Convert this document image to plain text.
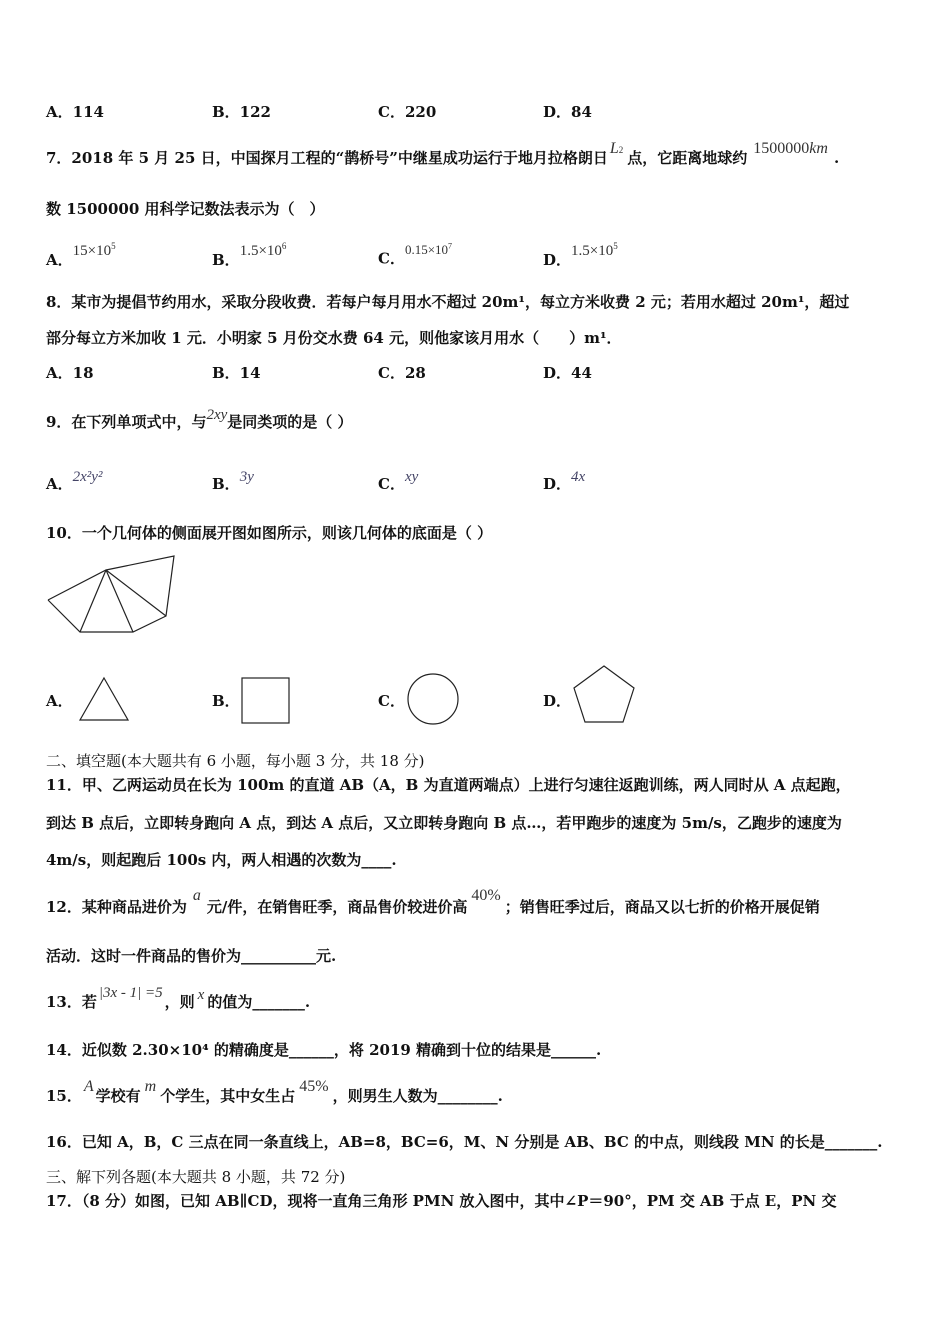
A．114	B．122	C．220	D．84
7．2018 年 5 月 25 日，中国探月工程的“鹊桥号”中继星成功运行于地月拉格朗日L2 点，它距离地球约1500000km.
数 1500000 用科学记数法表示为（　）
A．$15\times 10^5$
B．$1.5\times 10^6$
C．$0.15\times 10^7$
D．$1.5\times 10^5$
8．某市为提倡节约用水，采取分段收费．若每户每月用水不超过 20m¹，每立方米收费 2 元；若用水超过 20m¹，超过
部分每立方米加收 1 元．小明家 5 月份交水费 64 元，则他家该月用水（　　）m¹．
A．18	B．14	C．28	D．44
9．在下列单项式中，与2xy是同类项的是（ ）
A．2x²y²	B．3y	C．xy	D．4x
10．一个几何体的侧面展开图如图所示，则该几何体的底面是（ ）
A．	B．	C．	D．
二、填空题(本大题共有 6 小题，每小题 3 分，共 18 分)
11．甲、乙两运动员在长为 100m 的直道 AB（A，B 为直道两端点）上进行匀速往返跑训练，两人同时从 A 点起跑，
到达 B 点后，立即转身跑向 A 点，到达 A 点后，又立即转身跑向 B 点…，若甲跑步的速度为 5m/s，乙跑步的速度为
4m/s，则起跑后 100s 内，两人相遇的次数为____.
12．某种商品进价为a元/件，在销售旺季，商品售价较进价高40%；销售旺季过后，商品又以七折的价格开展促销
活动．这时一件商品的售价为__________元.
13．若 |3x - 1| =5 ，则 x 的值为_______.
14．近似数 2.30×10⁴ 的精确度是______，将 2019 精确到十位的结果是______.
15．A学校有m个学生，其中女生占45%，则男生人数为________.
16．已知 A，B，C 三点在同一条直线上，AB=8，BC=6，M、N 分别是 AB、BC 的中点，则线段 MN 的长是_______.
三、解下列各题(本大题共 8 小题，共 72 分)
17．（8 分）如图，已知 AB∥CD，现将一直角三角形 PMN 放入图中，其中∠P＝90°，PM 交 AB 于点 E，PN 交
